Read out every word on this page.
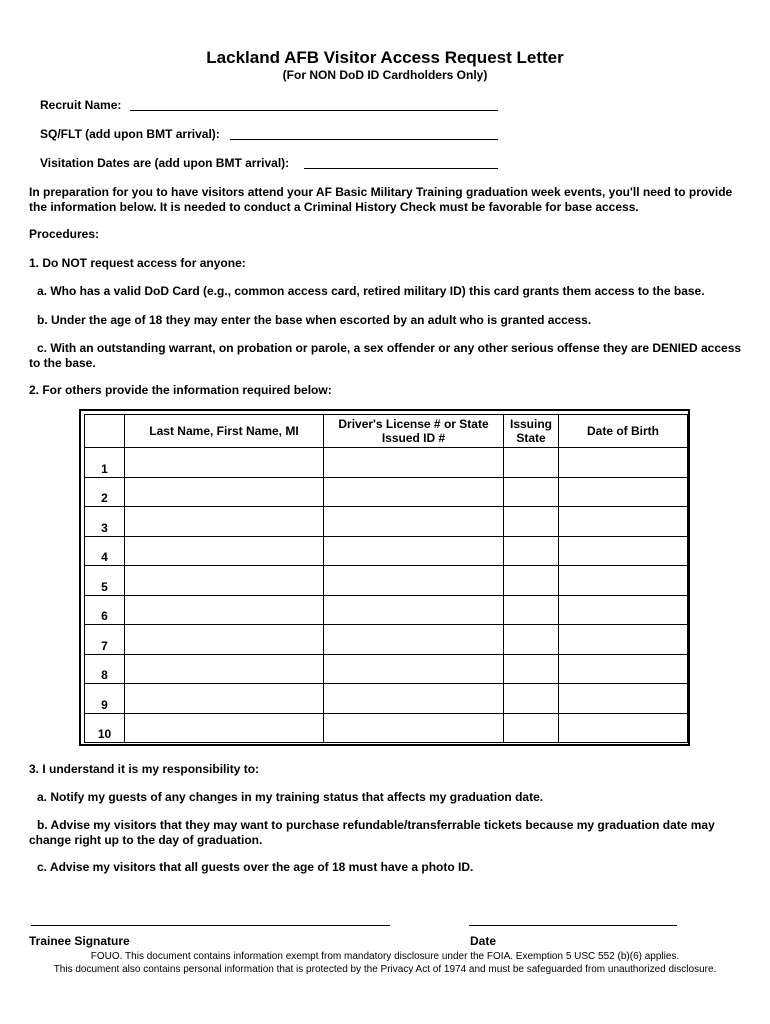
Lackland AFB Visitor Access Request Letter
(For NON DoD ID Cardholders Only)
Recruit Name:
SQ/FLT (add upon BMT arrival):
Visitation Dates are (add upon BMT arrival):
In preparation for you to have visitors attend your AF Basic Military Training graduation week events, you'll need to provide the information below. It is needed to conduct a Criminal History Check must be favorable for base access.
Procedures:
1. Do NOT request access for anyone:
a. Who has a valid DoD Card (e.g., common access card, retired military ID) this card grants them access to the base.
b. Under the age of 18 they may enter the base when escorted by an adult who is granted access.
c. With an outstanding warrant, on probation or parole, a sex offender or any other serious offense they are DENIED access to the base.
2. For others provide the information required below:
	Last Name, First Name, MI	Driver's License # or State Issued ID #	Issuing State	Date of Birth
1				
2				
3				
4				
5				
6				
7				
8				
9				
10				
3. I understand it is my responsibility to:
a. Notify my guests of any changes in my training status that affects my graduation date.
b. Advise my visitors that they may want to purchase refundable/transferrable tickets because my graduation date may change right up to the day of graduation.
c. Advise my visitors that all guests over the age of 18 must have a photo ID.
Trainee Signature	Date
FOUO. This document contains information exempt from mandatory disclosure under the FOIA. Exemption 5 USC 552 (b)(6) applies.
This document also contains personal information that is protected by the Privacy Act of 1974 and must be safeguarded from unauthorized disclosure.
